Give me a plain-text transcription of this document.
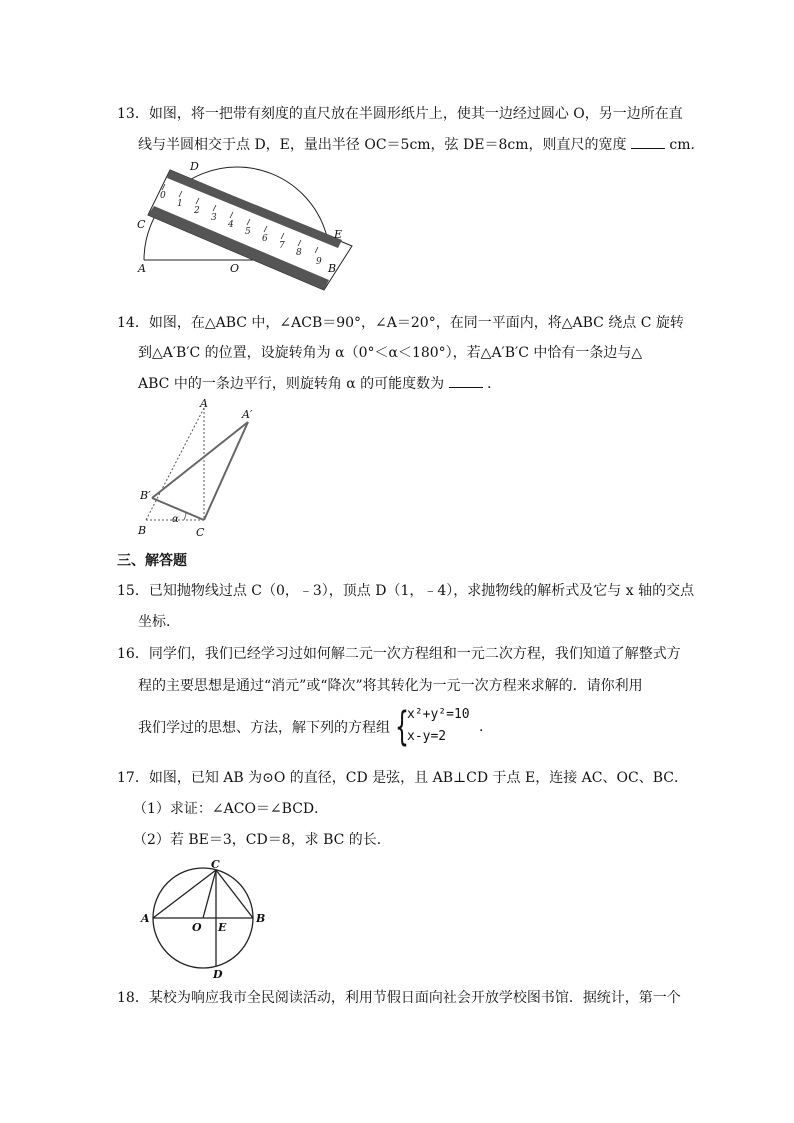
13．如图，将一把带有刻度的直尺放在半圆形纸片上，使其一边经过圆心 O，另一边所在直
线与半圆相交于点 D，E，量出半径 OC＝5cm，弦 DE＝8cm，则直尺的宽度	cm．
0
1
2
3
4
5
6
7
8
9
D
C
A	O
E
B
14．如图，在△ABC 中，∠ACB＝90°，∠A＝20°，在同一平面内，将△ABC 绕点 C 旋转
到△A′B′C 的位置，设旋转角为 α（0°＜α＜180°），若△A′B′C 中恰有一条边与△
ABC 中的一条边平行，则旋转角 α 的可能度数为	．
A
A′
B′
B	C
α
三、解答题
15．已知抛物线过点 C（0，﹣3），顶点 D（1，﹣4），求抛物线的解析式及它与 x 轴的交点
坐标．
16．同学们，我们已经学习过如何解二元一次方程组和一元二次方程，我们知道了解整式方
程的主要思想是通过“消元”或“降次”将其转化为一元一次方程来求解的．请你利用
我们学过的思想、方法，解下列的方程组 {
x²+y²=10
x-y=2
.
17．如图，已知 AB 为⊙O 的直径，CD 是弦，且 AB⊥CD 于点 E，连接 AC、OC、BC．
（1）求证：∠ACO＝∠BCD．
（2）若 BE＝3，CD＝8，求 BC 的长．
C
A
O E
B
D
18．某校为响应我市全民阅读活动，利用节假日面向社会开放学校图书馆．据统计，第一个
